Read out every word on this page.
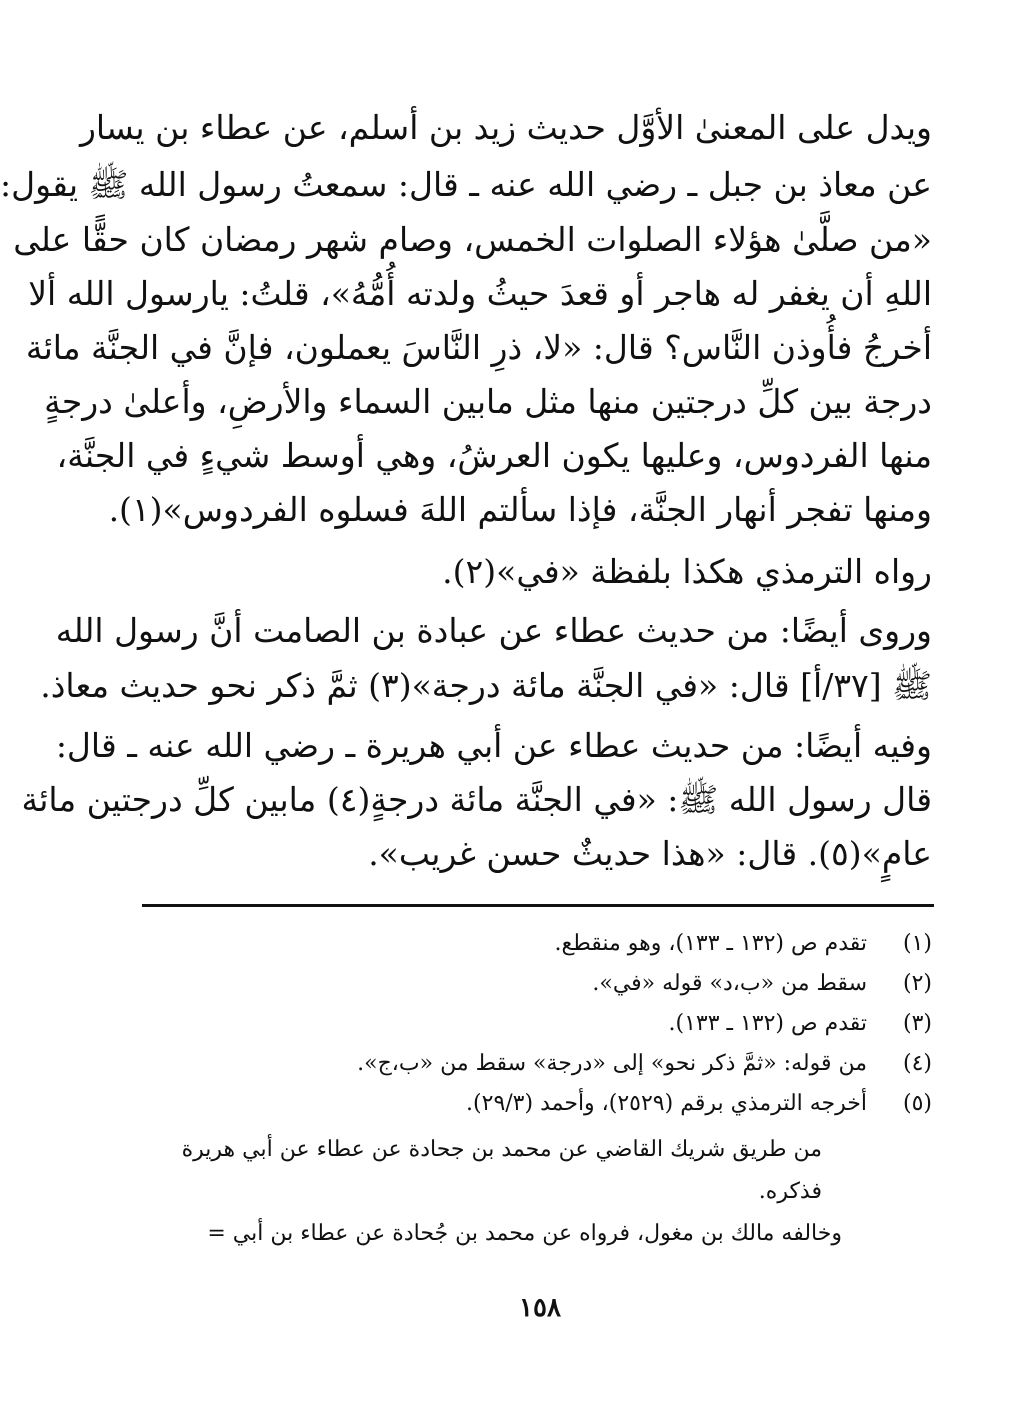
ويدل على المعنىٰ الأوَّل حديث زيد بن أسلم، عن عطاء بن يسار
عن معاذ بن جبل ـ رضي الله عنه ـ قال: سمعتُ رسول الله ﷺ يقول:
«من صلَّىٰ هؤلاء الصلوات الخمس، وصام شهر رمضان كان حقًّا على
اللهِ أن يغفر له هاجر أو قعدَ حيثُ ولدته أُمُّهُ»، قلتُ: يارسول الله ألا
أخرجُ فأُوذن النَّاس؟ قال: «لا، ذرِ النَّاسَ يعملون، فإنَّ في الجنَّة مائة
درجة بين كلِّ درجتين منها مثل مابين السماء والأرضِ، وأعلىٰ درجةٍ
منها الفردوس، وعليها يكون العرشُ، وهي أوسط شيءٍ في الجنَّة،
ومنها تفجر أنهار الجنَّة، فإذا سألتم اللهَ فسلوه الفردوس»(١).
رواه الترمذي هكذا بلفظة «في»(٢).
وروى أيضًا: من حديث عطاء عن عبادة بن الصامت أنَّ رسول الله
ﷺ [٣٧/أ] قال: «في الجنَّة مائة درجة»(٣) ثمَّ ذكر نحو حديث معاذ.
وفيه أيضًا: من حديث عطاء عن أبي هريرة ـ رضي الله عنه ـ قال:
قال رسول الله ﷺ: «في الجنَّة مائة درجةٍ(٤) مابين كلِّ درجتين مائة
عامٍ»(٥). قال: «هذا حديثٌ حسن غريب».
(١) تقدم ص (١٣٢ ـ ١٣٣)، وهو منقطع.
(٢) سقط من «ب،د» قوله «في».
(٣) تقدم ص (١٣٢ ـ ١٣٣).
(٤) من قوله: «ثمَّ ذكر نحو» إلى «درجة» سقط من «ب،ج».
(٥) أخرجه الترمذي برقم (٢٥٢٩)، وأحمد (٢٩/٣).
من طريق شريك القاضي عن محمد بن جحادة عن عطاء عن أبي هريرة
فذكره.
وخالفه مالك بن مغول، فرواه عن محمد بن جُحادة عن عطاء بن أبي =
١٥٨
